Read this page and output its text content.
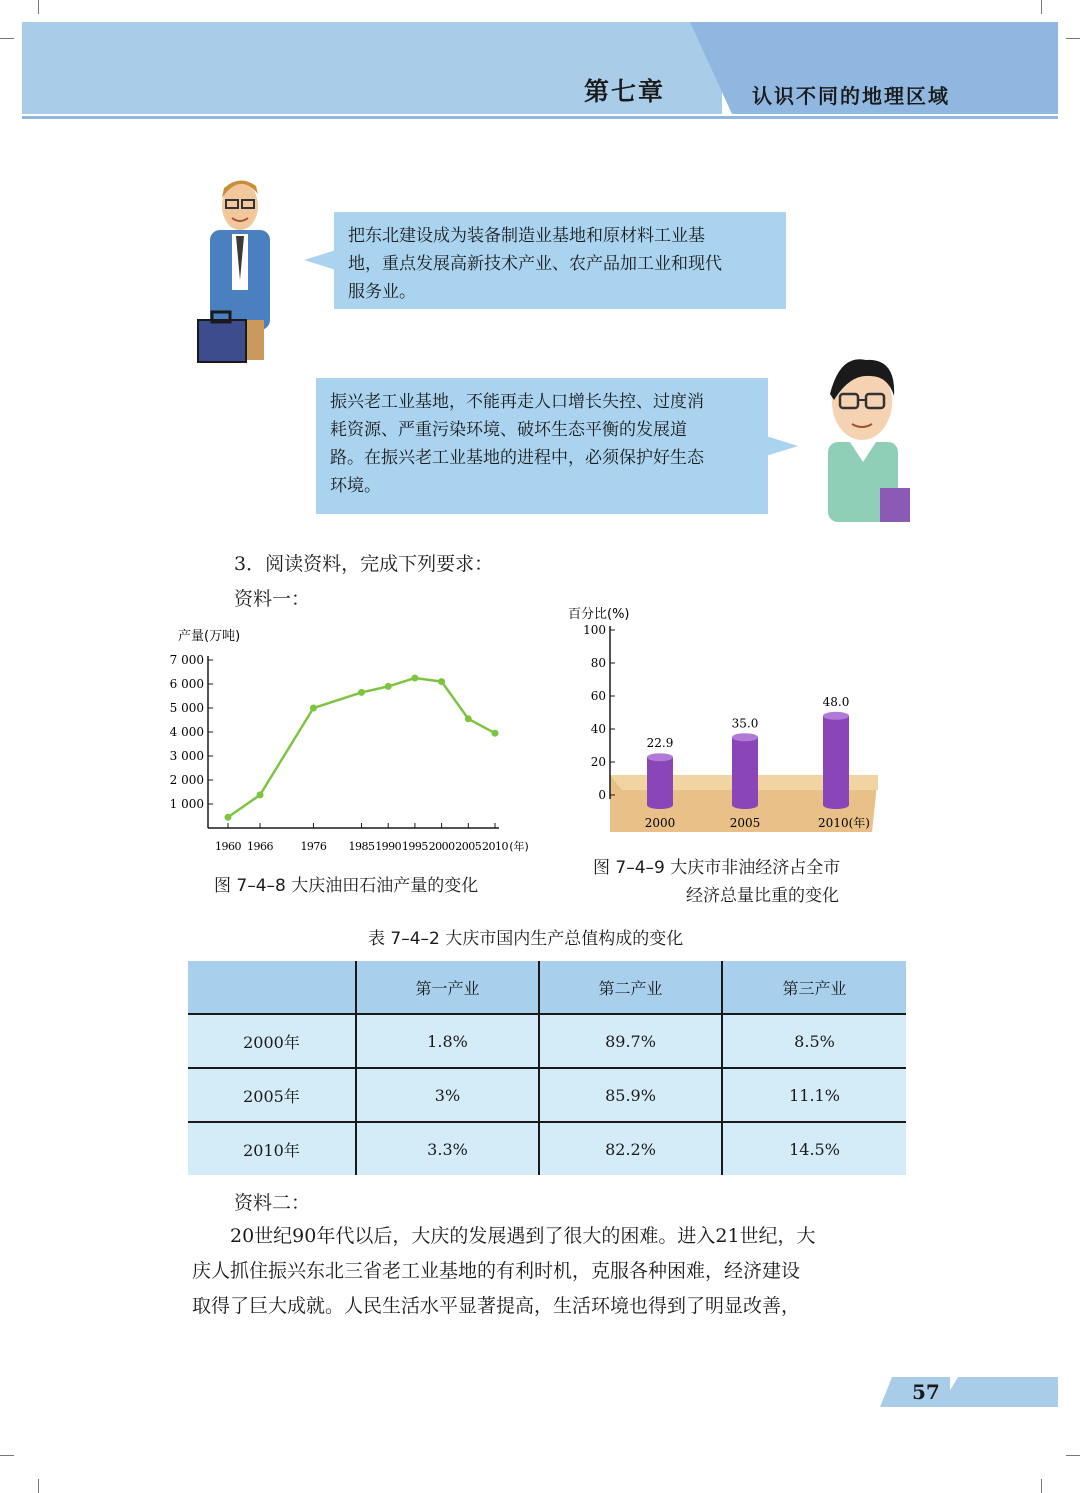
第七章	认识不同的地理区域
把东北建设成为装备制造业基地和原材料工业基
地，重点发展高新技术产业、农产品加工业和现代
服务业。
振兴老工业基地，不能再走人口增长失控、过度消
耗资源、严重污染环境、破坏生态平衡的发展道
路。在振兴老工业基地的进程中，必须保护好生态
环境。
3．阅读资料，完成下列要求：
资料一：
产量(万吨)
1 000
2 000
3 000
4 000
5 000
6 000
7 000
1960 1966 1976 1985 1990 1995 2000 2005 2010 (年)
图 7–4–8 大庆油田石油产量的变化
百分比(%)
0
20
40
60
80
100
22.9
2000
35.0
2005
48.0
2010(年)
图 7–4–9 大庆市非油经济占全市
经济总量比重的变化
表 7–4–2 大庆市国内生产总值构成的变化
	第一产业	第二产业	第三产业
2000年	1.8%	89.7%	8.5%
2005年	3%	85.9%	11.1%
2010年	3.3%	82.2%	14.5%
资料二：
20世纪90年代以后，大庆的发展遇到了很大的困难。进入21世纪，大
庆人抓住振兴东北三省老工业基地的有利时机，克服各种困难，经济建设
取得了巨大成就。人民生活水平显著提高，生活环境也得到了明显改善，
57
